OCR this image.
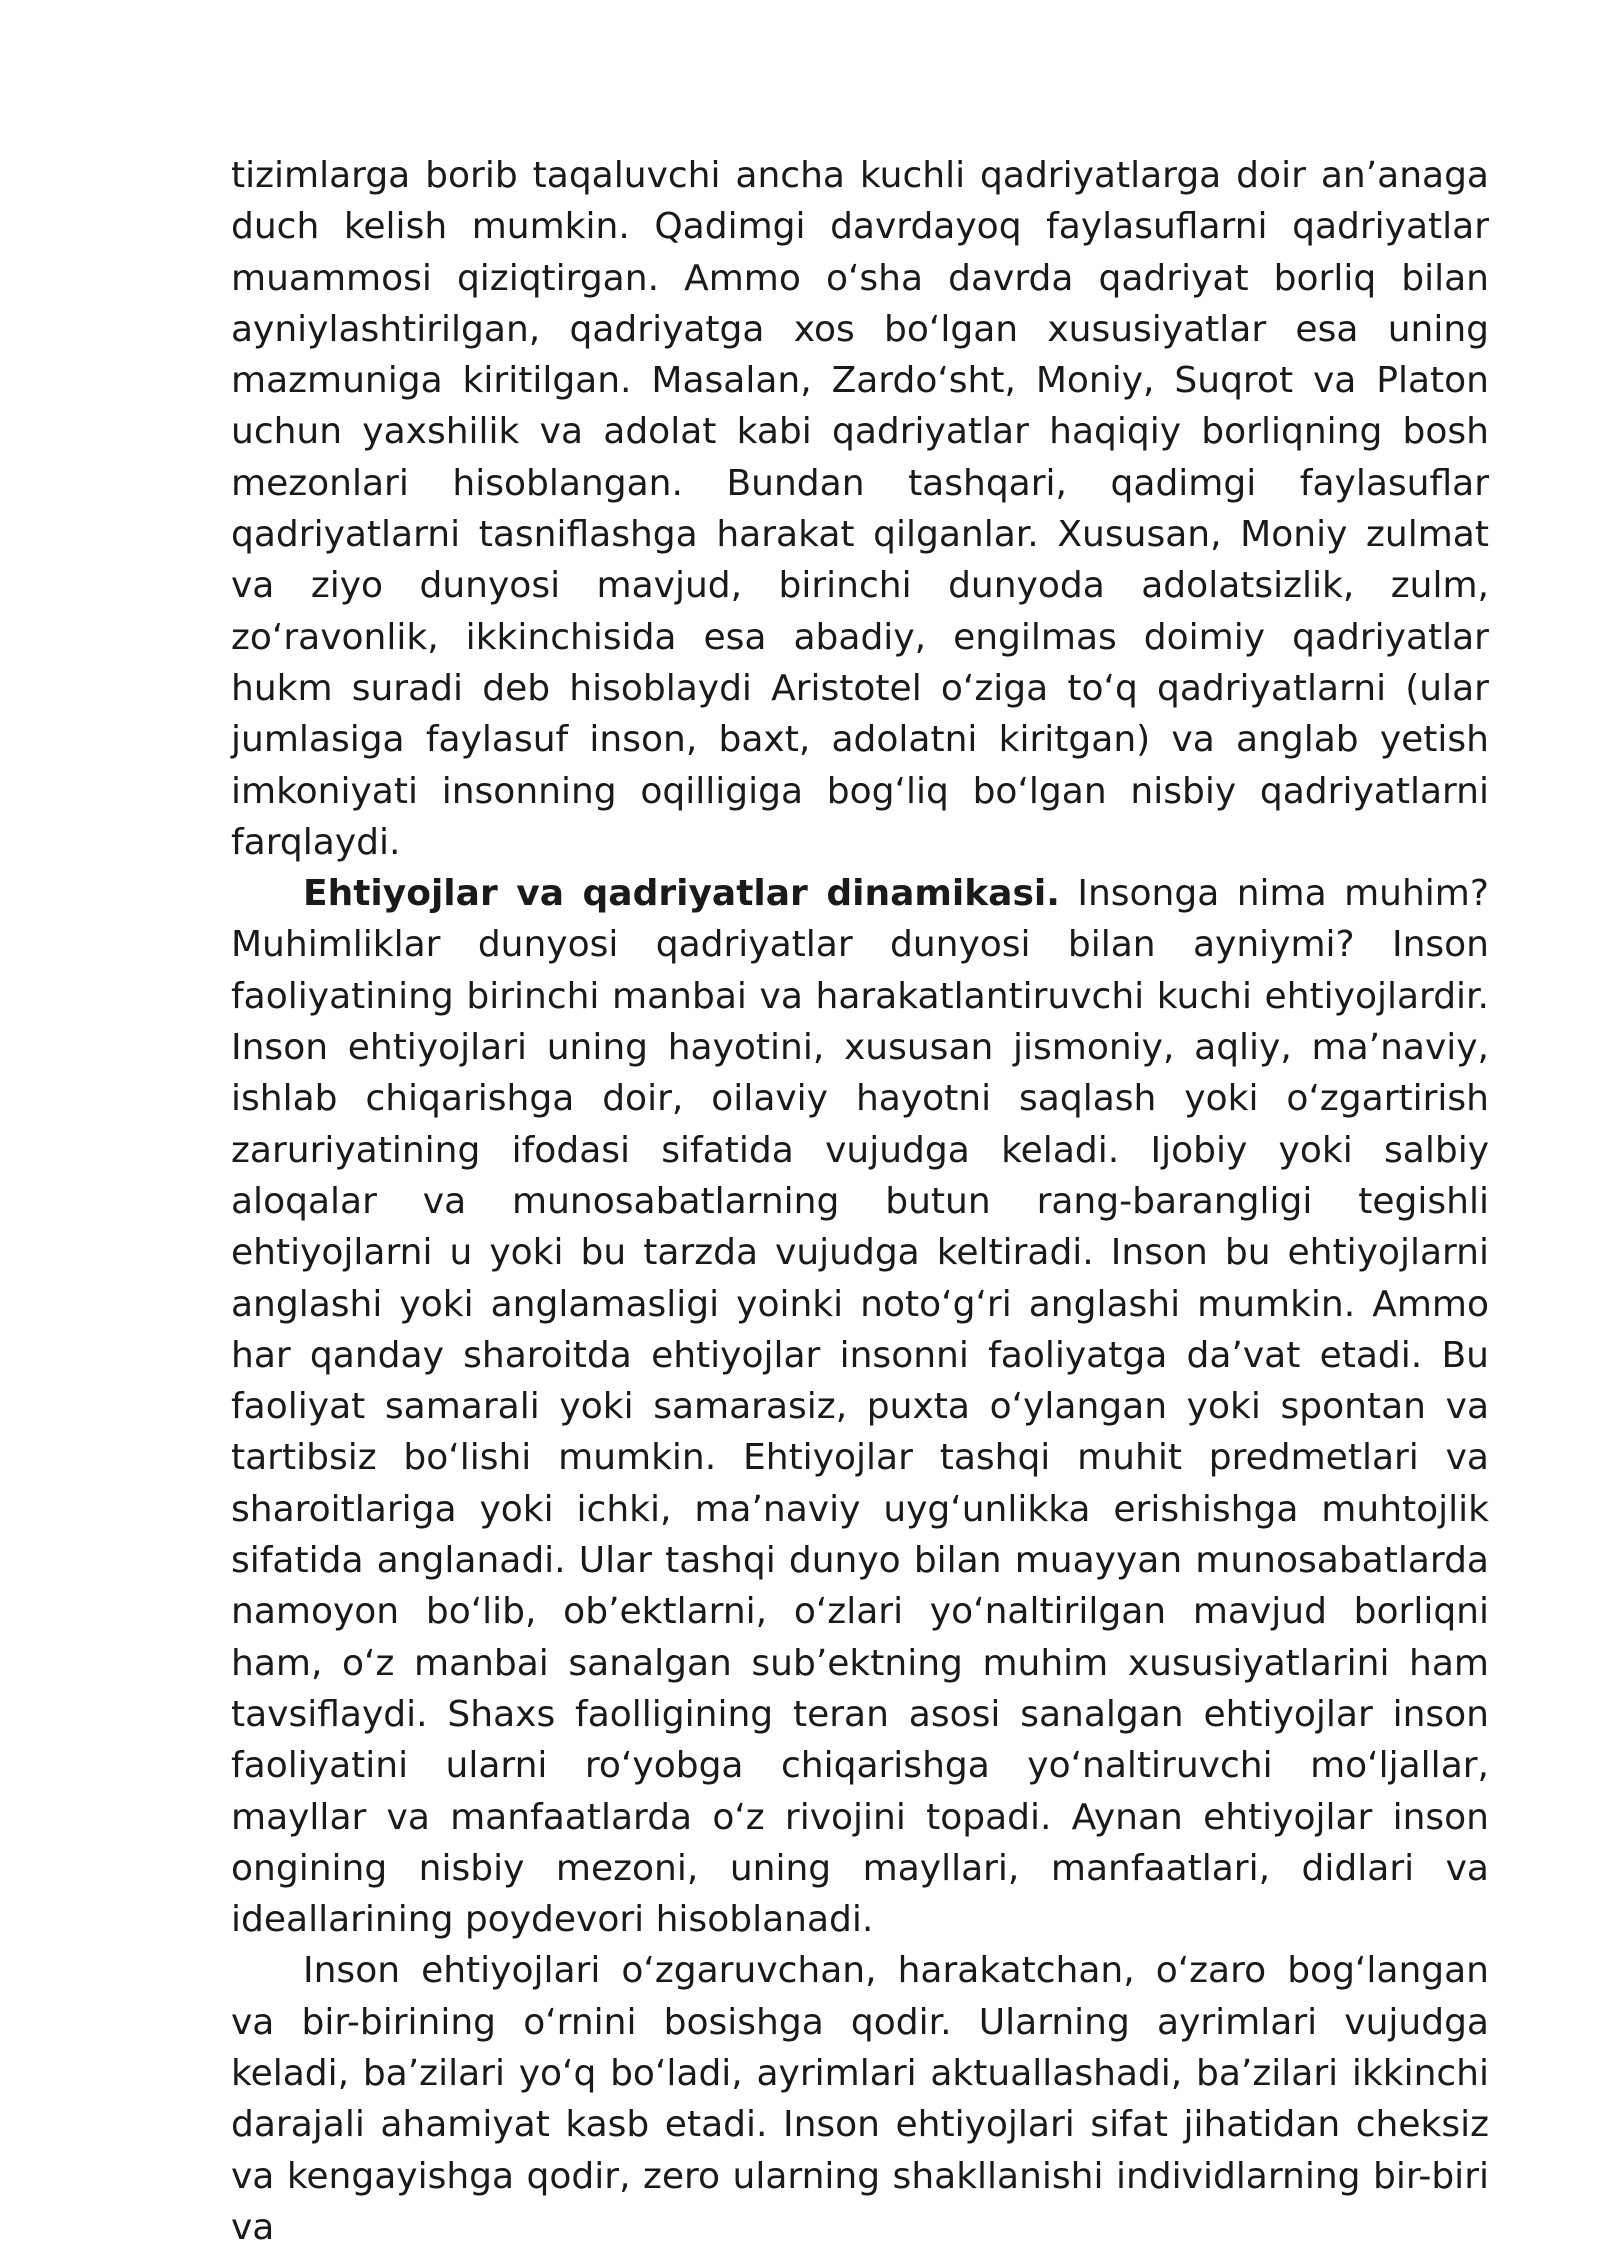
tizimlarga borib taqaluvchi ancha kuchli qadriyatlarga doir an’anaga duch kelish mumkin. Qadimgi davrdayoq faylasuflarni qadriyatlar muammosi qiziqtirgan. Ammo o‘sha davrda qadriyat borliq bilan ayniylashtirilgan, qadriyatga xos bo‘lgan xususiyatlar esa uning mazmuniga kiritilgan. Masalan, Zardo‘sht, Moniy, Suqrot va Platon uchun yaxshilik va adolat kabi qadriyatlar haqiqiy borliqning bosh mezonlari hisoblangan. Bundan tashqari, qadimgi faylasuflar qadriyatlarni tasniflashga harakat qilganlar. Xususan, Moniy zulmat va ziyo dunyosi mavjud, birinchi dunyoda adolatsizlik, zulm, zo‘ravonlik, ikkinchisida esa abadiy, engilmas doimiy qadriyatlar hukm suradi deb hisoblaydi Aristotel o‘ziga to‘q qadriyatlarni (ular jumlasiga faylasuf inson, baxt, adolatni kiritgan) va anglab yetish imkoniyati insonning oqilligiga bog‘liq bo‘lgan nisbiy qadriyatlarni farqlaydi.

Ehtiyojlar va qadriyatlar dinamikasi. Insonga nima muhim? Muhimliklar dunyosi qadriyatlar dunyosi bilan ayniymi? Inson faoliyatining birinchi manbai va harakatlantiruvchi kuchi ehtiyojlardir. Inson ehtiyojlari uning hayotini, xususan jismoniy, aqliy, ma’naviy, ishlab chiqarishga doir, oilaviy hayotni saqlash yoki o‘zgartirish zaruriyatining ifodasi sifatida vujudga keladi. Ijobiy yoki salbiy aloqalar va munosabatlarning butun rang-barangligi tegishli ehtiyojlarni u yoki bu tarzda vujudga keltiradi. Inson bu ehtiyojlarni anglashi yoki anglamasligi yoinki noto‘g‘ri anglashi mumkin. Ammo har qanday sharoitda ehtiyojlar insonni faoliyatga da’vat etadi. Bu faoliyat samarali yoki samarasiz, puxta o‘ylangan yoki spontan va tartibsiz bo‘lishi mumkin. Ehtiyojlar tashqi muhit predmetlari va sharoitlariga yoki ichki, ma’naviy uyg‘unlikka erishishga muhtojlik sifatida anglanadi. Ular tashqi dunyo bilan muayyan munosabatlarda namoyon bo‘lib, ob’ektlarni, o‘zlari yo‘naltirilgan mavjud borliqni ham, o‘z manbai sanalgan sub’ektning muhim xususiyatlarini ham tavsiflaydi. Shaxs faolligining teran asosi sanalgan ehtiyojlar inson faoliyatini ularni ro‘yobga chiqarishga yo‘naltiruvchi mo‘ljallar, mayllar va manfaatlarda o‘z rivojini topadi. Aynan ehtiyojlar inson ongining nisbiy mezoni, uning mayllari, manfaatlari, didlari va ideallarining poydevori hisoblanadi.

Inson ehtiyojlari o‘zgaruvchan, harakatchan, o‘zaro bog‘langan va bir-birining o‘rnini bosishga qodir. Ularning ayrimlari vujudga keladi, ba’zilari yo‘q bo‘ladi, ayrimlari aktuallashadi, ba’zilari ikkinchi darajali ahamiyat kasb etadi. Inson ehtiyojlari sifat jihatidan cheksiz va kengayishga qodir, zero ularning shakllanishi individlarning bir-biri va
